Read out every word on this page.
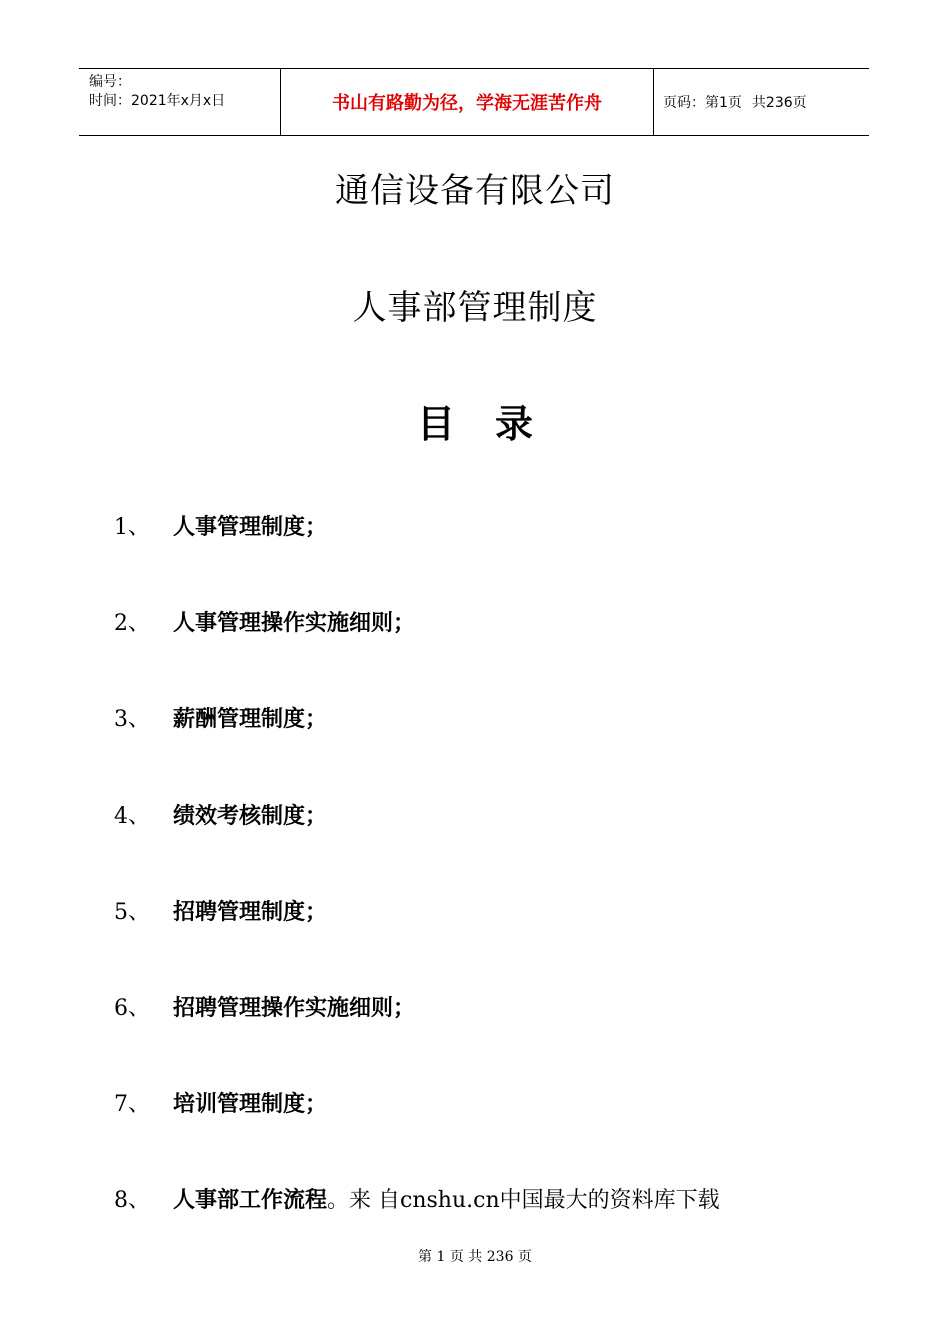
编号：
时间：2021年x月x日	书山有路勤为径，学海无涯苦作舟	页码：第1页 共236页
通信设备有限公司
人事部管理制度
目 录
1、 人事管理制度；
2、 人事管理操作实施细则；
3、 薪酬管理制度；
4、 绩效考核制度；
5、 招聘管理制度；
6、 招聘管理操作实施细则；
7、 培训管理制度；
8、 人事部工作流程。来 自cnshu.cn中国最大的资料库下载
第 1 页 共 236 页
